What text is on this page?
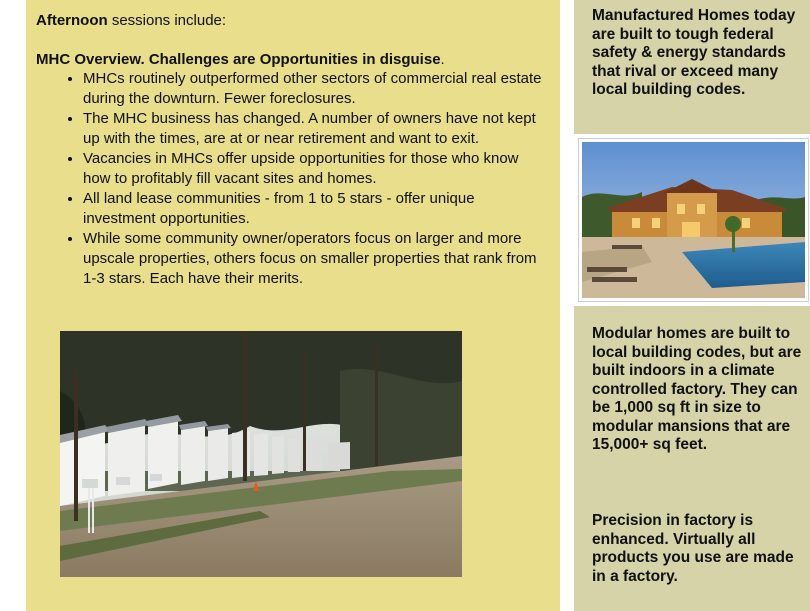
Afternoon sessions include:
MHC Overview. Challenges are Opportunities in disguise.
• MHCs routinely outperformed other sectors of commercial real estate during the downturn. Fewer foreclosures.
• The MHC business has changed. A number of owners have not kept up with the times, are at or near retirement and want to exit.
• Vacancies in MHCs offer upside opportunities for those who know how to profitably fill vacant sites and homes.
• All land lease communities - from 1 to 5 stars - offer unique investment opportunities.
• While some community owner/operators focus on larger and more upscale properties, others focus on smaller properties that rank from 1-3 stars. Each have their merits.

Manufactured Homes today are built to tough federal safety & energy standards that rival or exceed many local building codes.

Modular homes are built to local building codes, but are built indoors in a climate controlled factory. They can be 1,000 sq ft in size to modular mansions that are 15,000+ sq feet.

Precision in factory is enhanced. Virtually all products you use are made in a factory.
